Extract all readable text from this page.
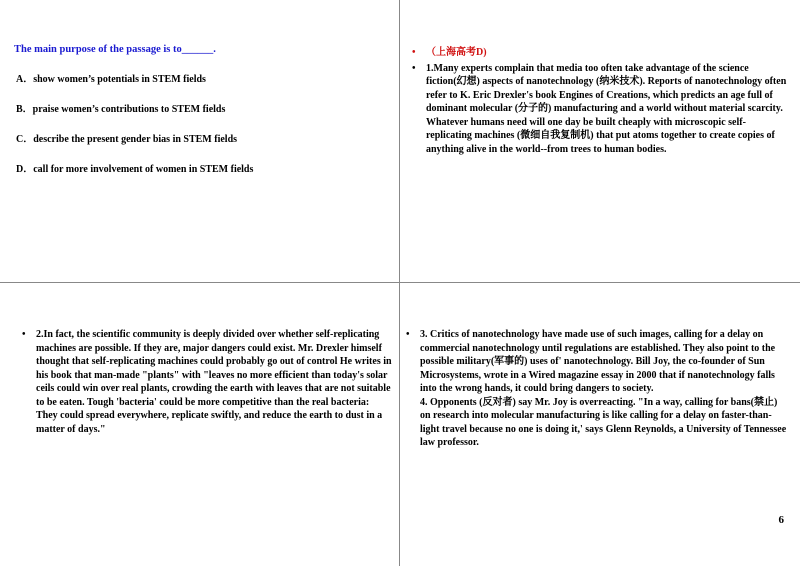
The main purpose of the passage is to______.

A．show women’s potentials in STEM fields

B．praise women’s contributions to STEM fields

C．describe the present gender bias in STEM fields

D．call for more involvement of women in STEM fields

•	（上海高考D)
•	1.Many experts complain that media too often take advantage of the science fiction(幻想) aspects of nanotechnology (纳米技术). Reports of nanotechnology often refer to K. Eric Drexler's book Engines of Creations, which predicts an age full of dominant molecular (分子的) manufacturing and a world without material scarcity. Whatever humans need will one day be built cheaply with microscopic self-replicating machines (微细自我复制机) that put atoms together to create copies of anything alive in the world--from trees to human bodies.

•	2.In fact, the scientific community is deeply divided over whether self-replicating machines are possible. If they are, major dangers could exist. Mr. Drexler himself thought that self-replicating machines could probably go out of control He writes in his book that man-made "plants" with "leaves no more efficient than today's solar ceils could win over real plants, crowding the earth with leaves that are not suitable to be eaten. Tough 'bacteria' could be more competitive than the real bacteria: They could spread everywhere, replicate swiftly, and reduce the earth to dust in a matter of days."

•	3. Critics of nanotechnology have made use of such images, calling for a delay on commercial nanotechnology until regulations are established. They also point to the possible military(军事的) uses of' nanotechnology. Bill Joy, the co-founder of Sun Microsystems, wrote in a Wired magazine essay in 2000 that if nanotechnology falls into the wrong hands, it could bring dangers to society.

4. Opponents (反对者) say Mr. Joy is overreacting. "In a way, calling for bans(禁止) on research into molecular manufacturing is like calling for a delay on faster-than-light travel because no one is doing it,' says Glenn Reynolds, a University of Tennessee law professor.

6
